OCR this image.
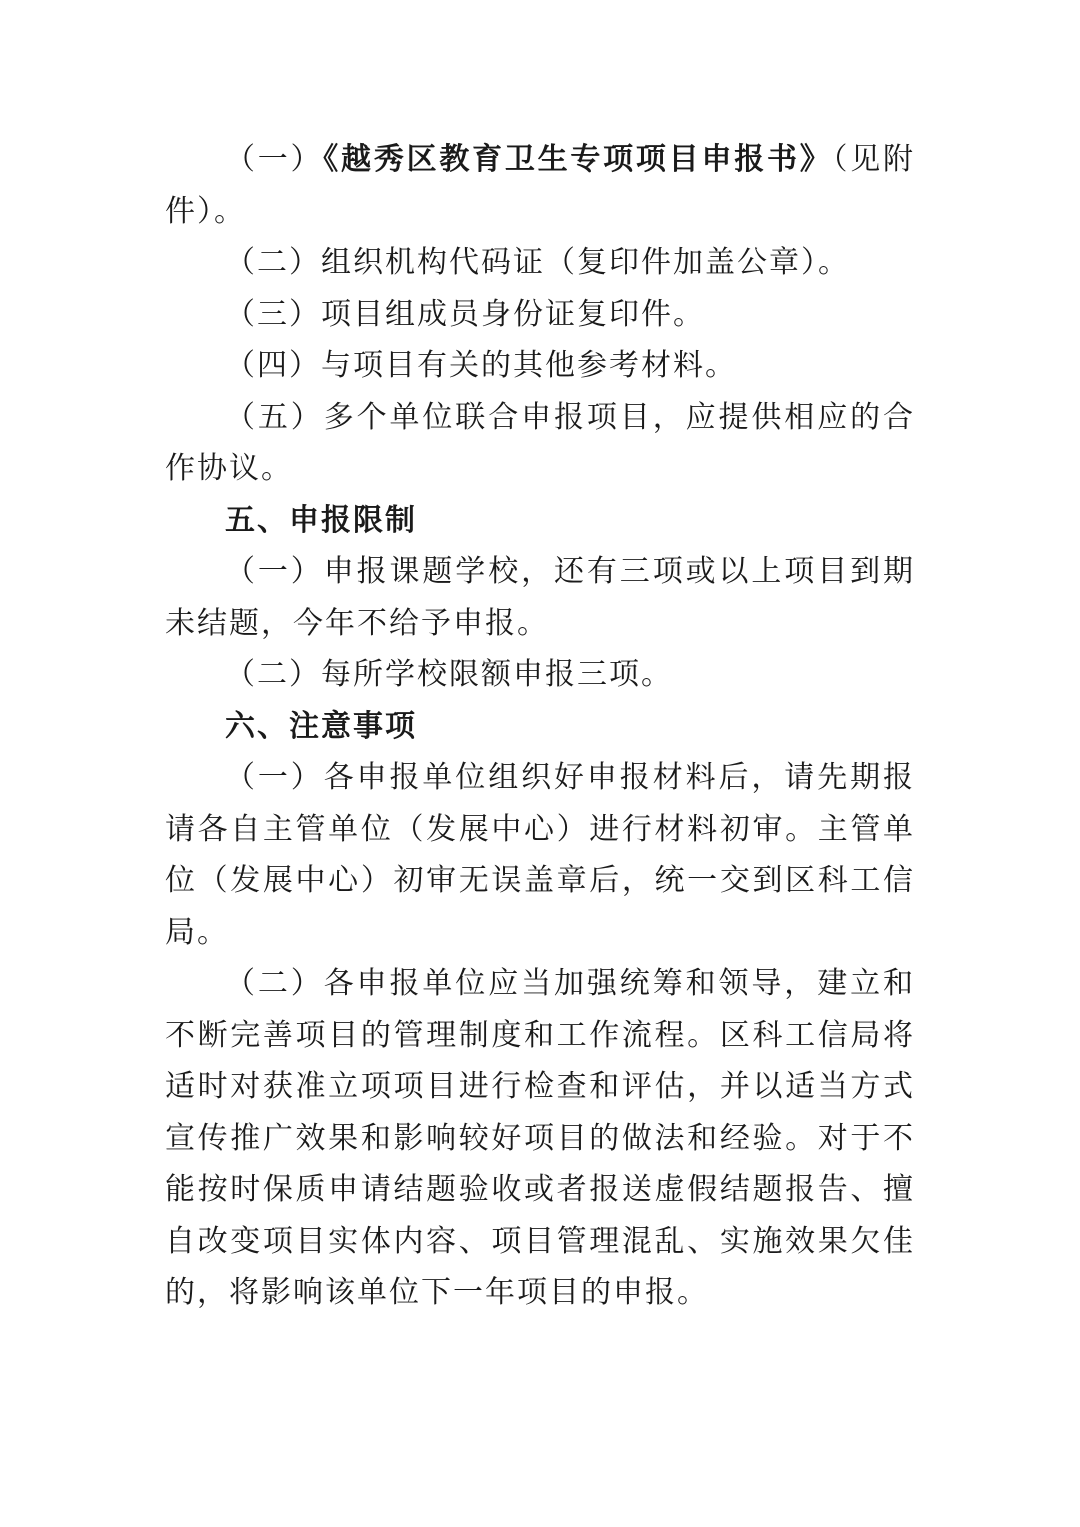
（一）《越秀区教育卫生专项项目申报书》（见附件）。

（二）组织机构代码证（复印件加盖公章）。

（三）项目组成员身份证复印件。

（四）与项目有关的其他参考材料。

（五）多个单位联合申报项目，应提供相应的合作协议。

五、申报限制

（一）申报课题学校，还有三项或以上项目到期未结题，今年不给予申报。

（二）每所学校限额申报三项。

六、注意事项

（一）各申报单位组织好申报材料后，请先期报请各自主管单位（发展中心）进行材料初审。主管单位（发展中心）初审无误盖章后，统一交到区科工信局。

（二）各申报单位应当加强统筹和领导，建立和不断完善项目的管理制度和工作流程。区科工信局将适时对获准立项项目进行检查和评估，并以适当方式宣传推广效果和影响较好项目的做法和经验。对于不能按时保质申请结题验收或者报送虚假结题报告、擅自改变项目实体内容、项目管理混乱、实施效果欠佳的，将影响该单位下一年项目的申报。
